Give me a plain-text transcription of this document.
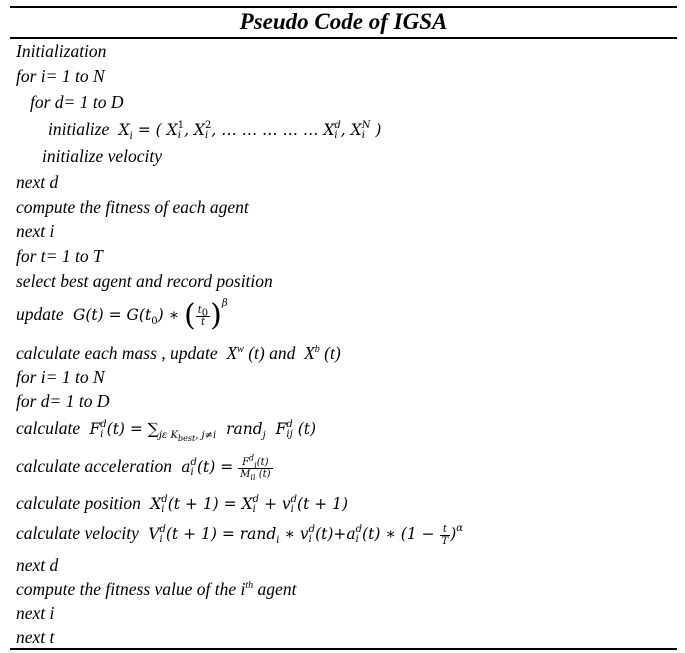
Pseudo Code of IGSA
Initialization
for i= 1 to N
for d= 1 to D
initialize $X_i$ = ( X1
i , X2
i , … … … … … Xd
i , XN
i )
initialize velocity
next d
compute the fitness of each agent
next i
for t= 1 to T
select best agent and record position
update $G(t) = G(t_0)$ ∗ ( $\frac{t_0}{t} )^\beta$
calculate each mass , update  $X^w$ (t) and  $X^b$ (t)
for i= 1 to N
for d= 1 to D
calculate Fd
i $(t) = \sum_{j\varepsilon K_{best}, j\ne i}$ rand$_j$ Fd
ij (t)
calculate acceleration ad
i $(t) = \frac{F^d_i(t)}{M_{ii} (t)}$
calculate position Xd
i (t + 1) = Xd
i + vd
i (t + 1)
calculate velocity Vd
i (t + 1) = rand$_i$ ∗ vd
i (t)+ad
i (t) ∗ $(1 - \frac{t}{T} )^\alpha$
next d
compute the fitness value of the $i^{th}$ agent
next i
next t
